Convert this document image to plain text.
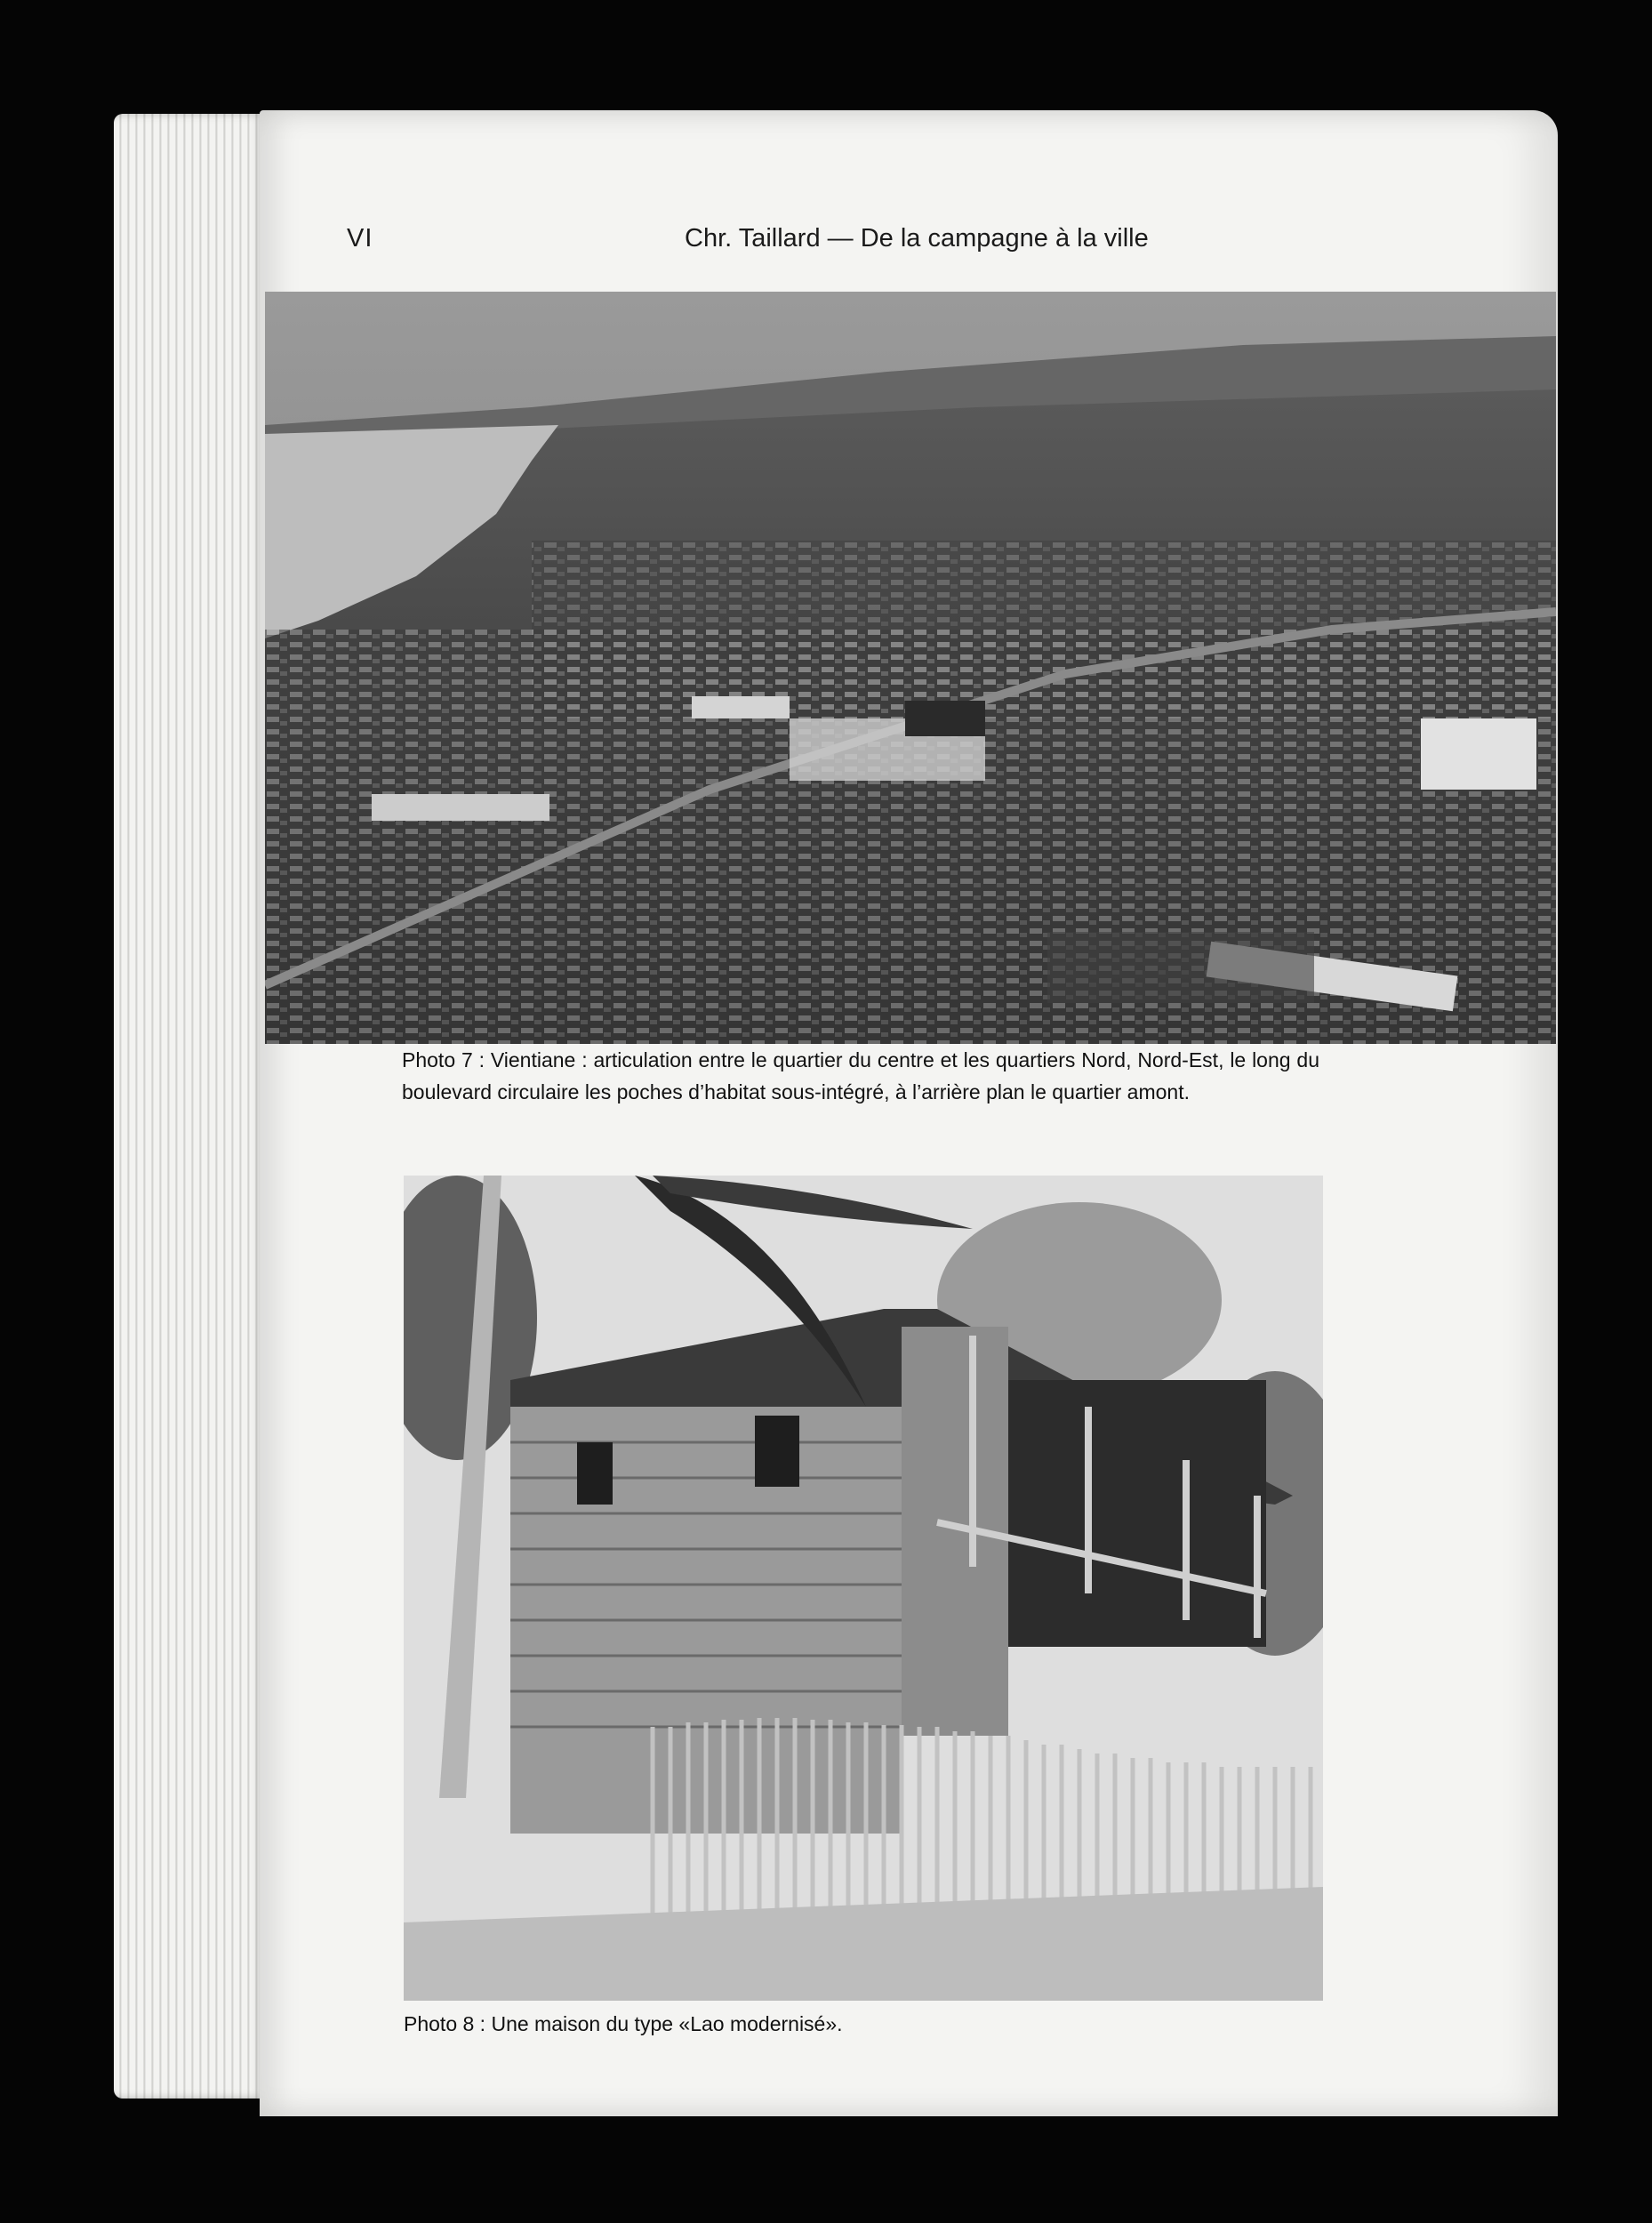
VI	Chr. Taillard — De la campagne à la ville
Photo 7 : Vientiane : articulation entre le quartier du centre et les quartiers Nord, Nord-Est, le long du boulevard circulaire les poches d’habitat sous-intégré, à l’arrière plan le quartier amont.
Photo 8 : Une maison du type «Lao modernisé».
